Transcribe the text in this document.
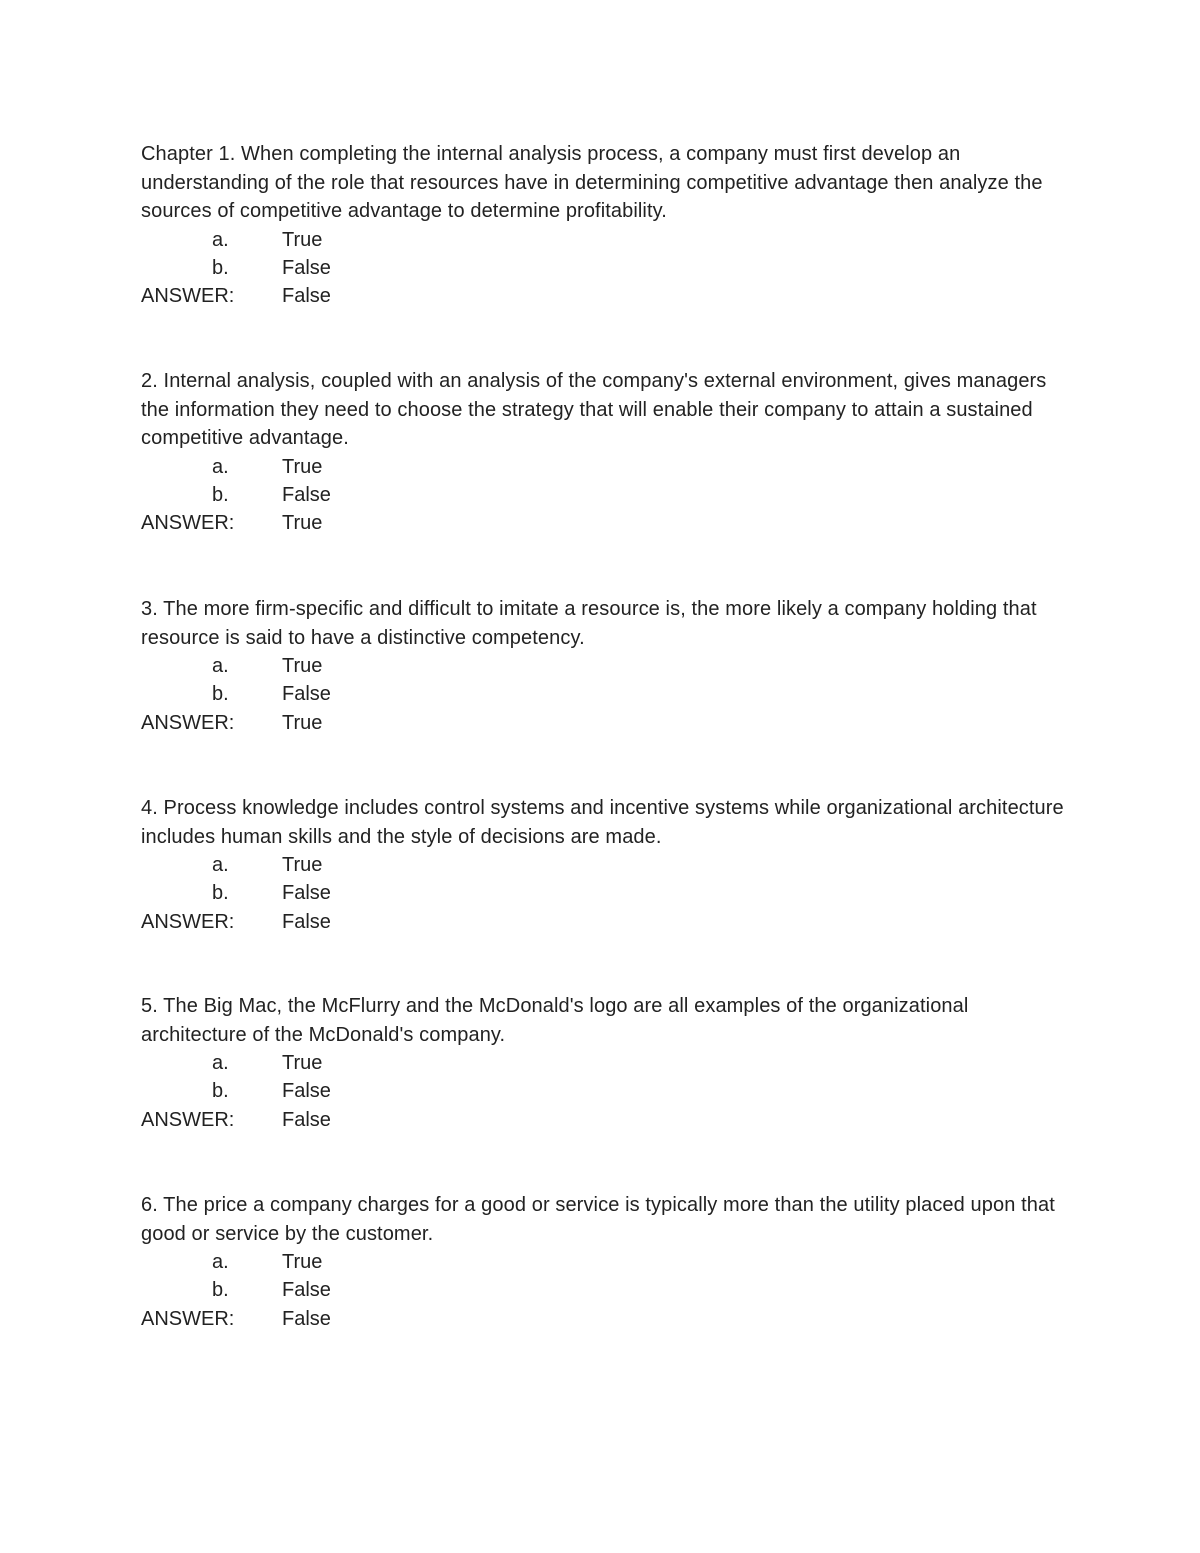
Chapter 1. When completing the internal analysis process, a company must first develop an understanding of the role that resources have in determining competitive advantage then analyze the sources of competitive advantage to determine profitability.

a.	True
b.	False
ANSWER: False

2. Internal analysis, coupled with an analysis of the company's external environment, gives managers the information they need to choose the strategy that will enable their company to attain a sustained competitive advantage.

a.	True
b.	False
ANSWER: True

3. The more firm-specific and difficult to imitate a resource is, the more likely a company holding that resource is said to have a distinctive competency.

a.	True
b.	False
ANSWER: True

4. Process knowledge includes control systems and incentive systems while organizational architecture includes human skills and the style of decisions are made.

a.	True
b.	False
ANSWER: False

5. The Big Mac, the McFlurry and the McDonald's logo are all examples of the organizational architecture of the McDonald's company.

a.	True
b.	False
ANSWER: False

6. The price a company charges for a good or service is typically more than the utility placed upon that good or service by the customer.

a.	True
b.	False
ANSWER: False
